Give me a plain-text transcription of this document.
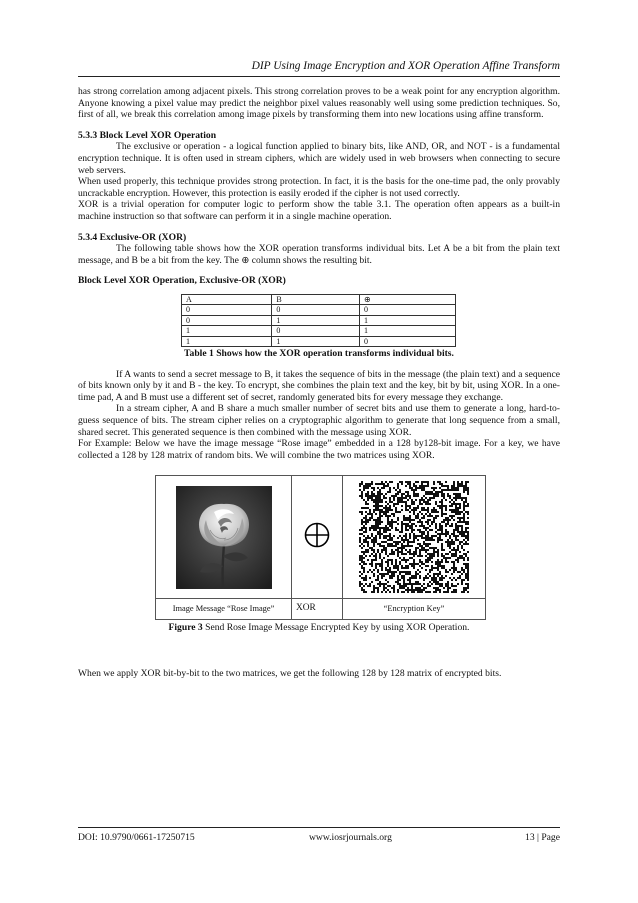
DIP Using Image Encryption and XOR Operation Affine Transform

has strong correlation among adjacent pixels. This strong correlation proves to be a weak point for any encryption algorithm. Anyone knowing a pixel value may predict the neighbor pixel values reasonably well using some prediction techniques. So, first of all, we break this correlation among image pixels by transforming them into new locations using affine transform.

5.3.3 Block Level XOR Operation

The exclusive or operation - a logical function applied to binary bits, like AND, OR, and NOT - is a fundamental encryption technique. It is often used in stream ciphers, which are widely used in web browsers when connecting to secure web servers.

When used properly, this technique provides strong protection. In fact, it is the basis for the one-time pad, the only provably uncrackable encryption. However, this protection is easily eroded if the cipher is not used correctly.

XOR is a trivial operation for computer logic to perform show the table 3.1. The operation often appears as a built-in machine instruction so that software can perform it in a single machine operation.

5.3.4 Exclusive-OR (XOR)

The following table shows how the XOR operation transforms individual bits. Let A be a bit from the plain text message, and B be a bit from the key. The ⊕ column shows the resulting bit.

Block Level XOR Operation, Exclusive-OR (XOR)
A	B	⊕
0	0	0
0	1	1
1	0	1
1	1	0
Table 1 Shows how the XOR operation transforms individual bits.

If A wants to send a secret message to B, it takes the sequence of bits in the message (the plain text) and a sequence of bits known only by it and B - the key. To encrypt, she combines the plain text and the key, bit by bit, using XOR. In a one-time pad, A and B must use a different set of secret, randomly generated bits for every message they exchange.

In a stream cipher, A and B share a much smaller number of secret bits and use them to generate a long, hard-to-guess sequence of bits. The stream cipher relies on a cryptographic algorithm to generate that long sequence from a small, shared secret. This generated sequence is then combined with the message using XOR.

For Example: Below we have the image message “Rose image” embedded in a 128 by128-bit image. For a key, we have collected a 128 by 128 matrix of random bits. We will combine the two matrices using XOR.

Image Message “Rose Image”	XOR	“Encryption Key”
Figure 3 Send Rose Image Message Encrypted Key by using XOR Operation.

When we apply XOR bit-by-bit to the two matrices, we get the following 128 by 128 matrix of encrypted bits.

DOI: 10.9790/0661-17250715	www.iosrjournals.org	13 | Page
